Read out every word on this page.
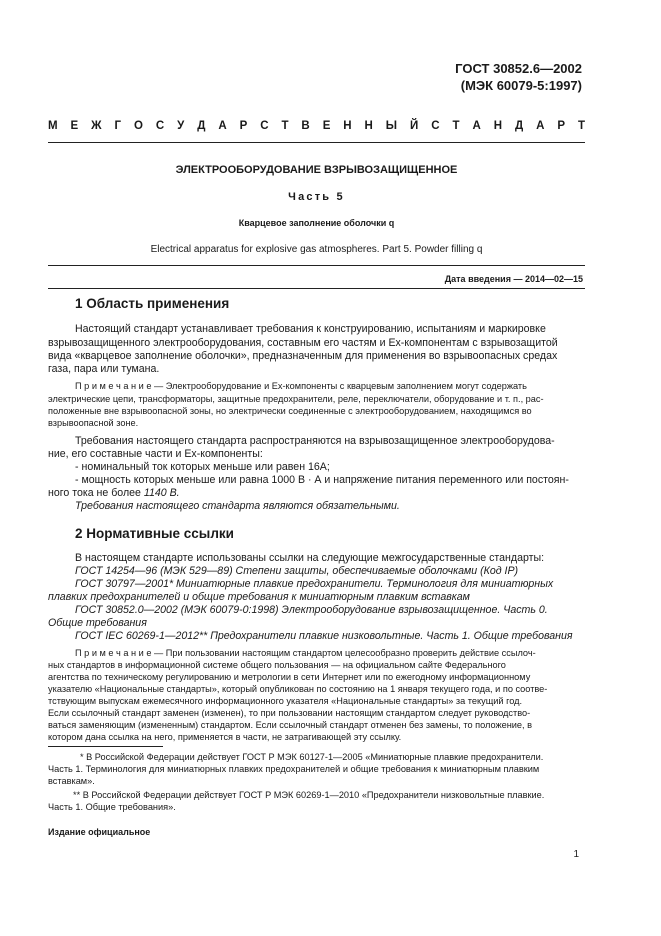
ГОСТ 30852.6—2002
(МЭК 60079-5:1997)
М Е Ж Г О С У Д А Р С Т В Е Н Н Ы Й С Т А Н Д А Р Т
ЭЛЕКТРООБОРУДОВАНИЕ ВЗРЫВОЗАЩИЩЕННОЕ
Часть 5
Кварцевое заполнение оболочки q
Electrical apparatus for explosive gas atmospheres. Part 5. Powder filling q
Дата введения — 2014—02—15
1 Область применения
Настоящий стандарт устанавливает требования к конструированию, испытаниям и маркировке
взрывозащищенного электрооборудования, составным его частям и Ex-компонентам с взрывозащитой
вида «кварцевое заполнение оболочки», предназначенным для применения во взрывоопасных средах
газа, пара или тумана.
П р и м е ч а н и е — Электрооборудование и Ex-компоненты с кварцевым заполнением могут содержать
электрические цепи, трансформаторы, защитные предохранители, реле, переключатели, оборудование и т. п., рас-
положенные вне взрывоопасной зоны, но электрически соединенные с электрооборудованием, находящимся во
взрывоопасной зоне.
Требования настоящего стандарта распространяются на взрывозащищенное электрооборудова-
ние, его составные части и Ex-компоненты:
- номинальный ток которых меньше или равен 16А;
- мощность которых меньше или равна 1000 В · А и напряжение питания переменного или постоян-
ного тока не более 1140 В.
Требования настоящего стандарта являются обязательными.
2 Нормативные ссылки
В настоящем стандарте использованы ссылки на следующие межгосударственные стандарты:
ГОСТ 14254—96 (МЭК 529—89) Степени защиты, обеспечиваемые оболочками (Код IP)
ГОСТ 30797—2001* Миниатюрные плавкие предохранители. Терминология для миниатюрных
плавких предохранителей и общие требования к миниатюрным плавким вставкам
ГОСТ 30852.0—2002 (МЭК 60079-0:1998) Электрооборудование взрывозащищенное. Часть 0.
Общие требования
ГОСТ IEC 60269-1—2012** Предохранители плавкие низковольтные. Часть 1. Общие требования
П р и м е ч а н и е — При пользовании настоящим стандартом целесообразно проверить действие ссылоч-
ных стандартов в информационной системе общего пользования — на официальном сайте Федерального
агентства по техническому регулированию и метрологии в сети Интернет или по ежегодному информационному
указателю «Национальные стандарты», который опубликован по состоянию на 1 января текущего года, и по соотве-
тствующим выпускам ежемесячного информационного указателя «Национальные стандарты» за текущий год.
Если ссылочный стандарт заменен (изменен), то при пользовании настоящим стандартом следует руководство-
ваться заменяющим (измененным) стандартом. Если ссылочный стандарт отменен без замены, то положение, в
котором дана ссылка на него, применяется в части, не затрагивающей эту ссылку.
* В Российской Федерации действует ГОСТ Р МЭК 60127-1—2005 «Миниатюрные плавкие предохранители.
Часть 1. Терминология для миниатюрных плавких предохранителей и общие требования к миниатюрным плавким
вставкам».
** В Российской Федерации действует ГОСТ Р МЭК 60269-1—2010 «Предохранители низковольтные плавкие.
Часть 1. Общие требования».
Издание официальное
1
